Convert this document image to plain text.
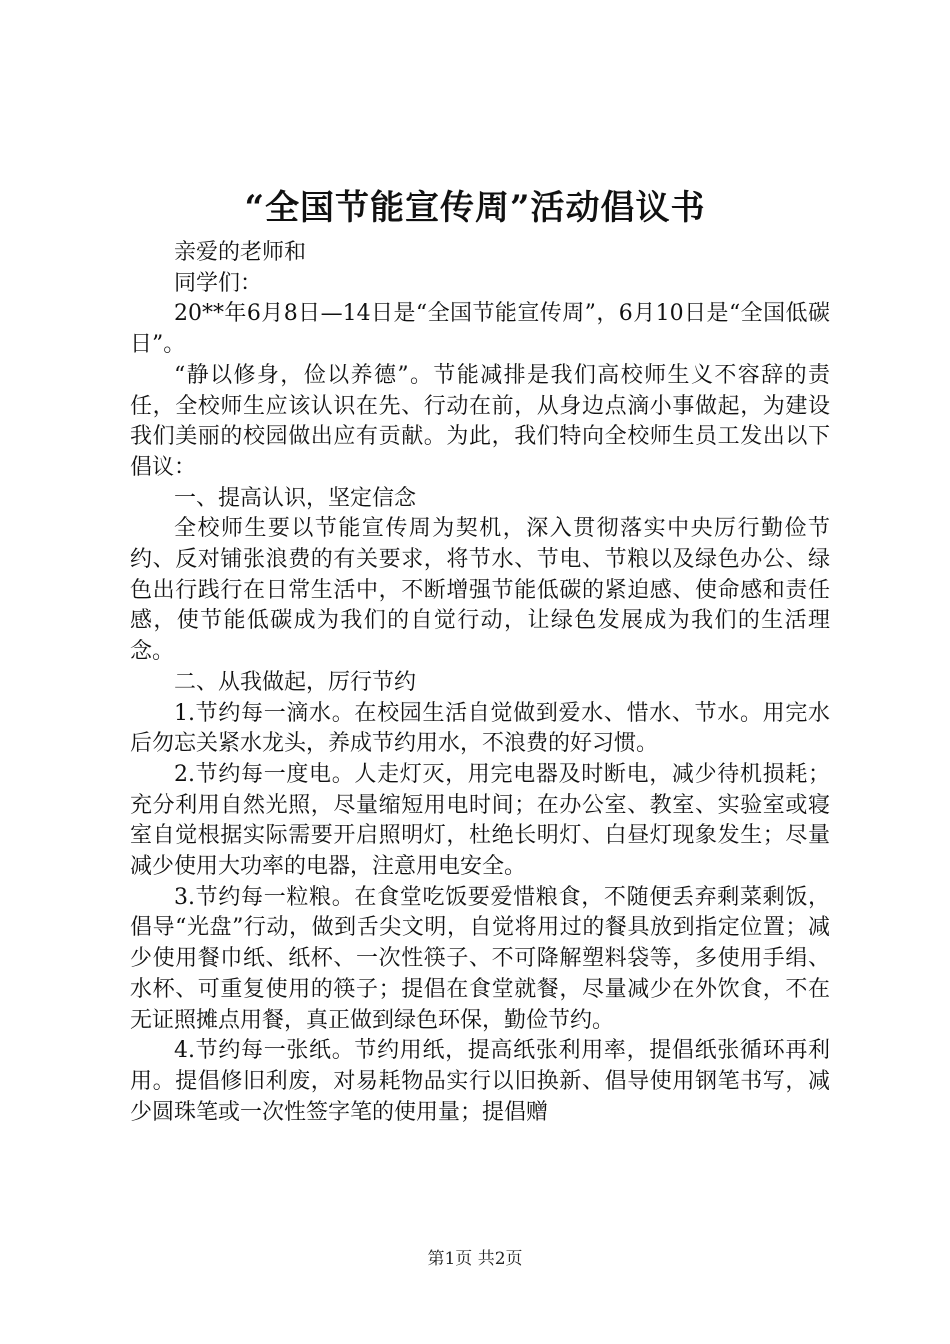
“全国节能宣传周”活动倡议书

亲爱的老师和

同学们：

20**年6月8日—14日是“全国节能宣传周”，6月10日是“全国低碳日”。

“静以修身，俭以养德”。节能减排是我们高校师生义不容辞的责任，全校师生应该认识在先、行动在前，从身边点滴小事做起，为建设我们美丽的校园做出应有贡献。为此，我们特向全校师生员工发出以下倡议：

一、提高认识，坚定信念

全校师生要以节能宣传周为契机，深入贯彻落实中央厉行勤俭节约、反对铺张浪费的有关要求，将节水、节电、节粮以及绿色办公、绿色出行践行在日常生活中，不断增强节能低碳的紧迫感、使命感和责任感，使节能低碳成为我们的自觉行动，让绿色发展成为我们的生活理念。

二、从我做起，厉行节约

1.节约每一滴水。在校园生活自觉做到爱水、惜水、节水。用完水后勿忘关紧水龙头，养成节约用水，不浪费的好习惯。

2.节约每一度电。人走灯灭，用完电器及时断电，减少待机损耗；充分利用自然光照，尽量缩短用电时间；在办公室、教室、实验室或寝室自觉根据实际需要开启照明灯，杜绝长明灯、白昼灯现象发生；尽量减少使用大功率的电器，注意用电安全。

3.节约每一粒粮。在食堂吃饭要爱惜粮食，不随便丢弃剩菜剩饭，倡导“光盘”行动，做到舌尖文明，自觉将用过的餐具放到指定位置；减少使用餐巾纸、纸杯、一次性筷子、不可降解塑料袋等，多使用手绢、水杯、可重复使用的筷子；提倡在食堂就餐，尽量减少在外饮食，不在无证照摊点用餐，真正做到绿色环保，勤俭节约。

4.节约每一张纸。节约用纸，提高纸张利用率，提倡纸张循环再利用。提倡修旧利废，对易耗物品实行以旧换新、倡导使用钢笔书写，减少圆珠笔或一次性签字笔的使用量；提倡赠

第1页 共2页
